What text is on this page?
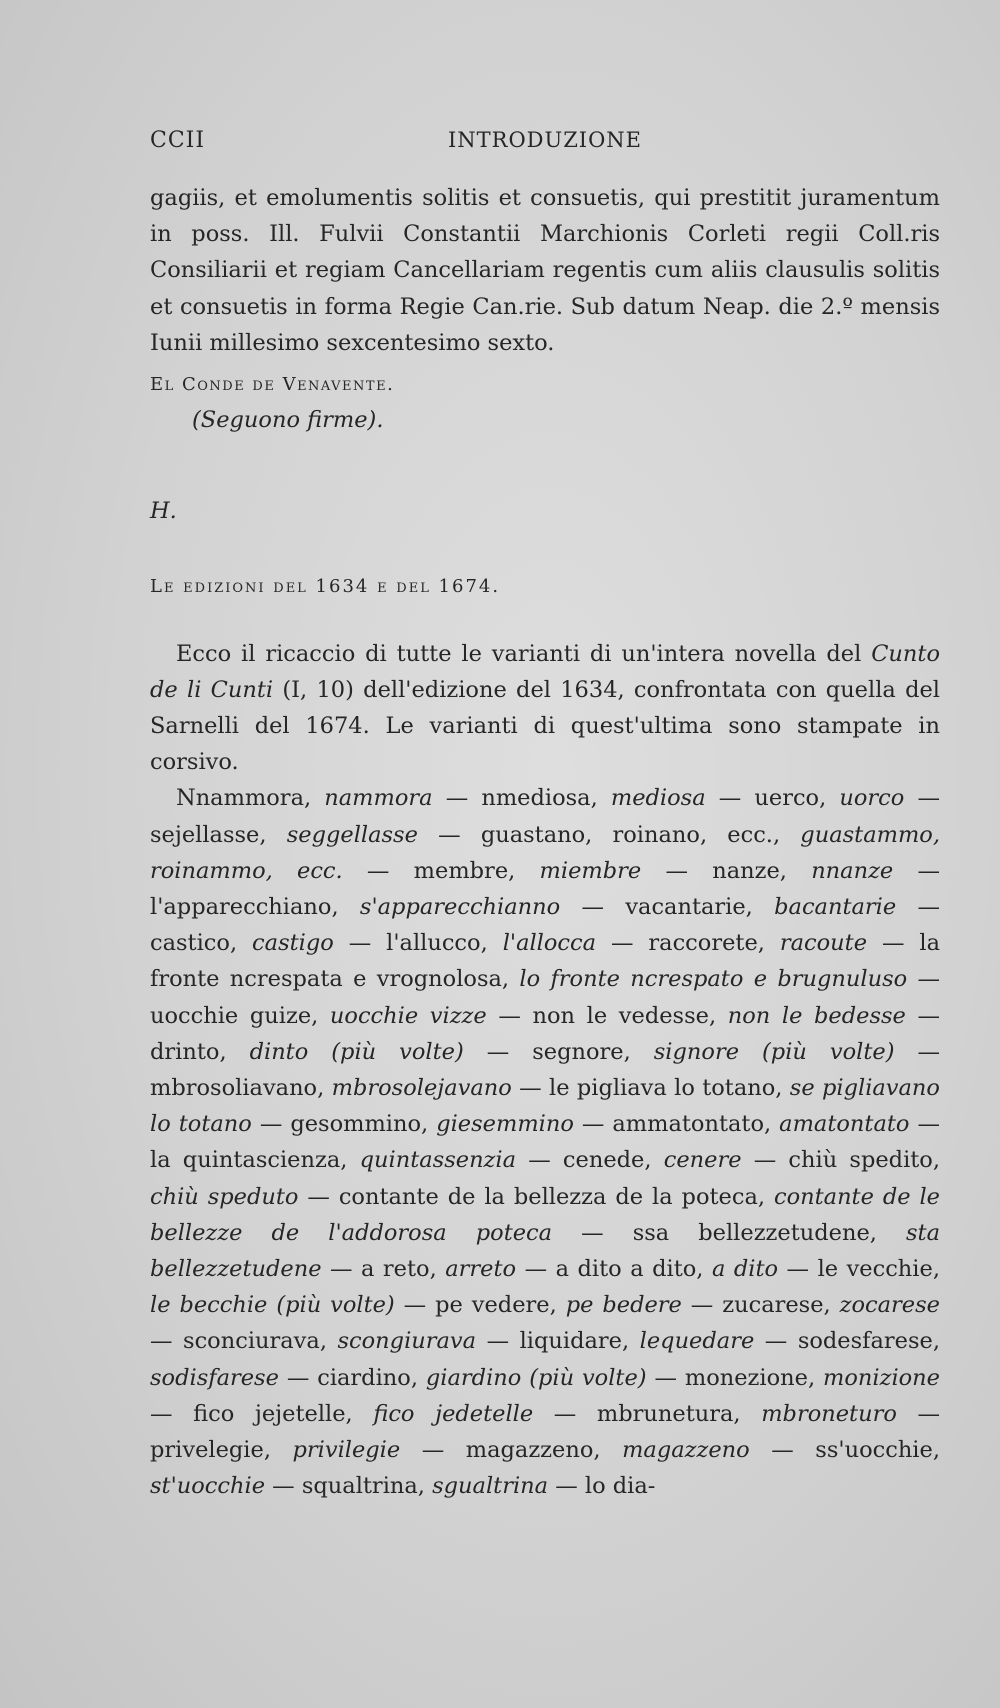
CCII	INTRODUZIONE

gagiis, et emolumentis solitis et consuetis, qui prestitit juramentum in poss. Ill. Fulvii Constantii Marchionis Corleti regii Coll.ris Consiliarii et regiam Cancellariam regentis cum aliis clausulis solitis et consuetis in forma Regie Can.rie. Sub datum Neap. die 2.º mensis Iunii millesimo sexcentesimo sexto.

El Conde de Venavente.

(Seguono firme).

H.

Le edizioni del 1634 e del 1674.

Ecco il ricaccio di tutte le varianti di un'intera novella del Cunto de li Cunti (I, 10) dell'edizione del 1634, confrontata con quella del Sarnelli del 1674. Le varianti di quest'ultima sono stampate in corsivo.

Nnammora, nammora — nmediosa, mediosa — uerco, uorco — sejellasse, seggellasse — guastano, roinano, ecc., guastammo, roinammo, ecc. — membre, miembre — nanze, nnanze — l'apparecchiano, s'apparecchianno — vacantarie, bacantarie — castico, castigo — l'allucco, l'allocca — raccorete, racoute — la fronte ncrespata e vrognolosa, lo fronte ncrespato e brugnuluso — uocchie guize, uocchie vizze — non le vedesse, non le bedesse — drinto, dinto (più volte) — segnore, signore (più volte) — mbrosoliavano, mbrosolejavano — le pigliava lo totano, se pigliavano lo totano — gesommino, giesemmino — ammatontato, amatontato — la quintascienza, quintassenzia — cenede, cenere — chiù spedito, chiù speduto — contante de la bellezza de la poteca, contante de le bellezze de l'addorosa poteca — ssa bellezzetudene, sta bellezzetudene — a reto, arreto — a dito a dito, a dito — le vecchie, le becchie (più volte) — pe vedere, pe bedere — zucarese, zocarese — sconciurava, scongiurava — liquidare, lequedare — sodesfarese, sodisfarese — ciardino, giardino (più volte) — monezione, monizione — fico jejetelle, fico jedetelle — mbrunetura, mbroneturo — privelegie, privilegie — magazzeno, magazzeno — ss'uocchie, st'uocchie — squaltrina, sgualtrina — lo dia-
